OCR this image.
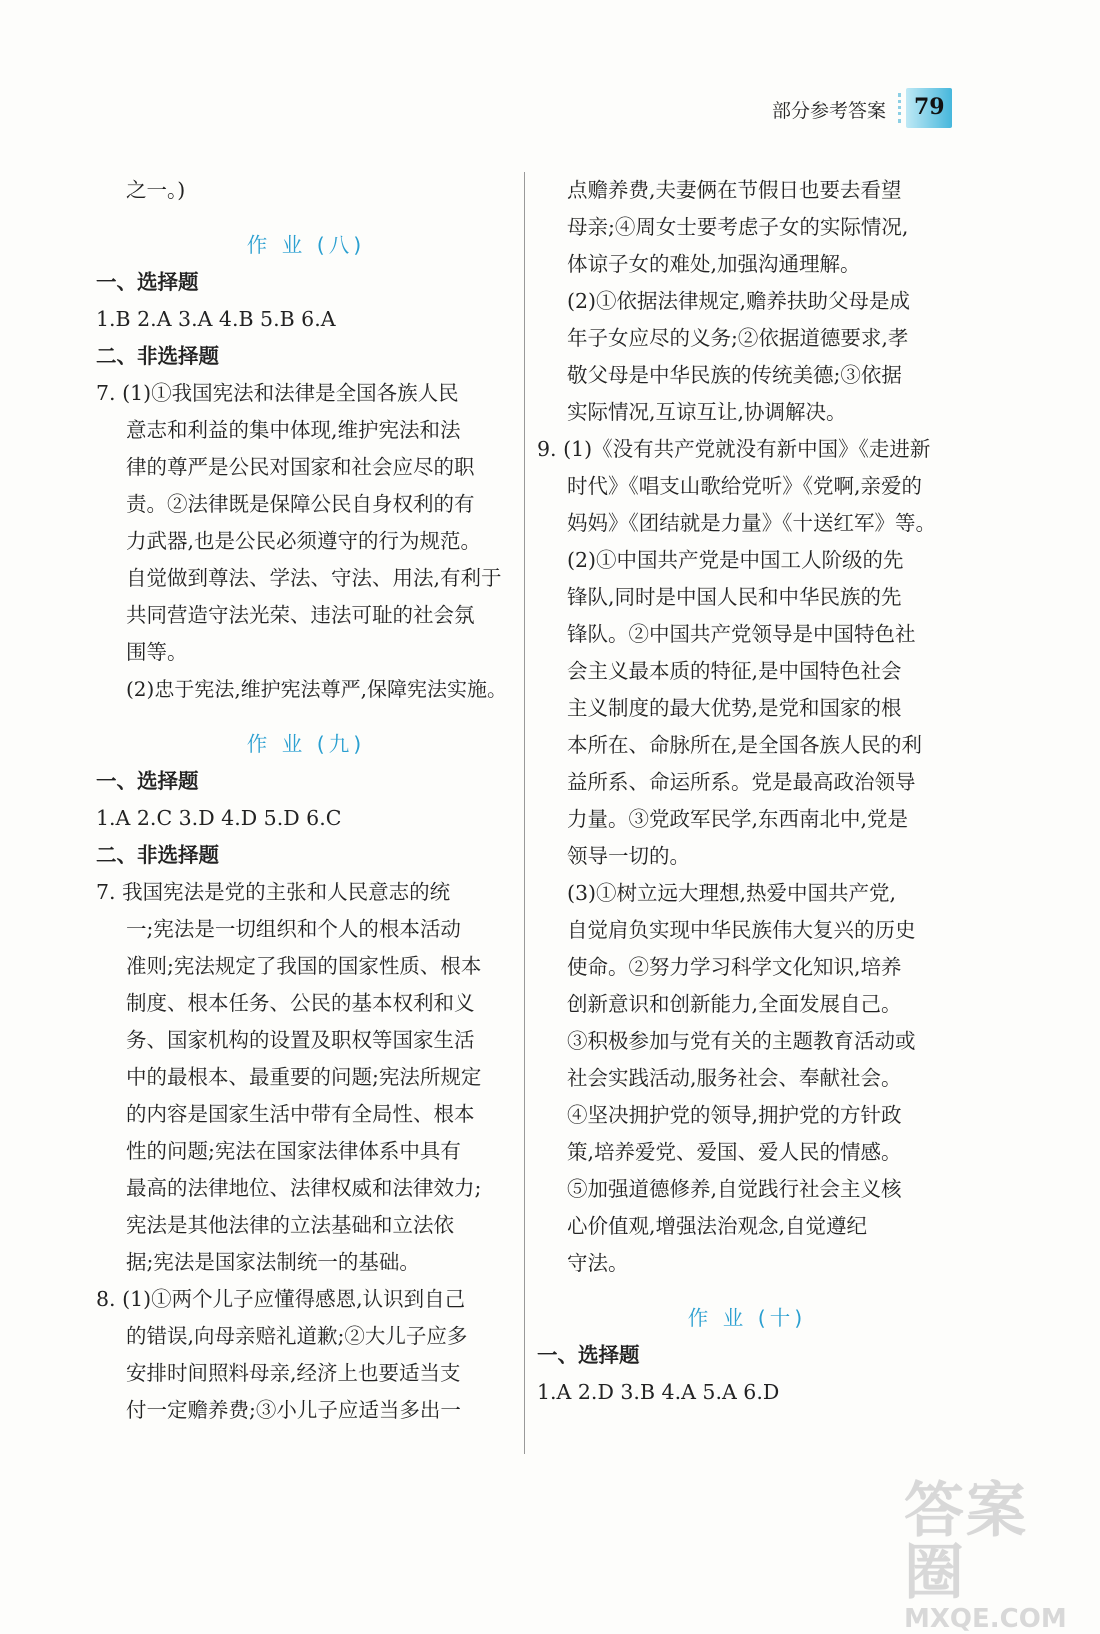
部分参考答案 79
之一。)
作 业 (八)
一、选择题
1.B 2.A 3.A 4.B 5.B 6.A
二、非选择题
7. (1)①我国宪法和法律是全国各族人民
意志和利益的集中体现,维护宪法和法
律的尊严是公民对国家和社会应尽的职
责。②法律既是保障公民自身权利的有
力武器,也是公民必须遵守的行为规范。
自觉做到尊法、学法、守法、用法,有利于
共同营造守法光荣、违法可耻的社会氛
围等。
(2)忠于宪法,维护宪法尊严,保障宪法实施。
作 业 (九)
一、选择题
1.A 2.C 3.D 4.D 5.D 6.C
二、非选择题
7. 我国宪法是党的主张和人民意志的统
一;宪法是一切组织和个人的根本活动
准则;宪法规定了我国的国家性质、根本
制度、根本任务、公民的基本权利和义
务、国家机构的设置及职权等国家生活
中的最根本、最重要的问题;宪法所规定
的内容是国家生活中带有全局性、根本
性的问题;宪法在国家法律体系中具有
最高的法律地位、法律权威和法律效力;
宪法是其他法律的立法基础和立法依
据;宪法是国家法制统一的基础。
8. (1)①两个儿子应懂得感恩,认识到自己
的错误,向母亲赔礼道歉;②大儿子应多
安排时间照料母亲,经济上也要适当支
付一定赡养费;③小儿子应适当多出一
点赡养费,夫妻俩在节假日也要去看望
母亲;④周女士要考虑子女的实际情况,
体谅子女的难处,加强沟通理解。
(2)①依据法律规定,赡养扶助父母是成
年子女应尽的义务;②依据道德要求,孝
敬父母是中华民族的传统美德;③依据
实际情况,互谅互让,协调解决。
9. (1)《没有共产党就没有新中国》《走进新
时代》《唱支山歌给党听》《党啊,亲爱的
妈妈》《团结就是力量》《十送红军》等。
(2)①中国共产党是中国工人阶级的先
锋队,同时是中国人民和中华民族的先
锋队。②中国共产党领导是中国特色社
会主义最本质的特征,是中国特色社会
主义制度的最大优势,是党和国家的根
本所在、命脉所在,是全国各族人民的利
益所系、命运所系。党是最高政治领导
力量。③党政军民学,东西南北中,党是
领导一切的。
(3)①树立远大理想,热爱中国共产党,
自觉肩负实现中华民族伟大复兴的历史
使命。②努力学习科学文化知识,培养
创新意识和创新能力,全面发展自己。
③积极参加与党有关的主题教育活动或
社会实践活动,服务社会、奉献社会。
④坚决拥护党的领导,拥护党的方针政
策,培养爱党、爱国、爱人民的情感。
⑤加强道德修养,自觉践行社会主义核
心价值观,增强法治观念,自觉遵纪
守法。
作 业 (十)
一、选择题
1.A 2.D 3.B 4.A 5.A 6.D
答案圈
MXQE.COM
